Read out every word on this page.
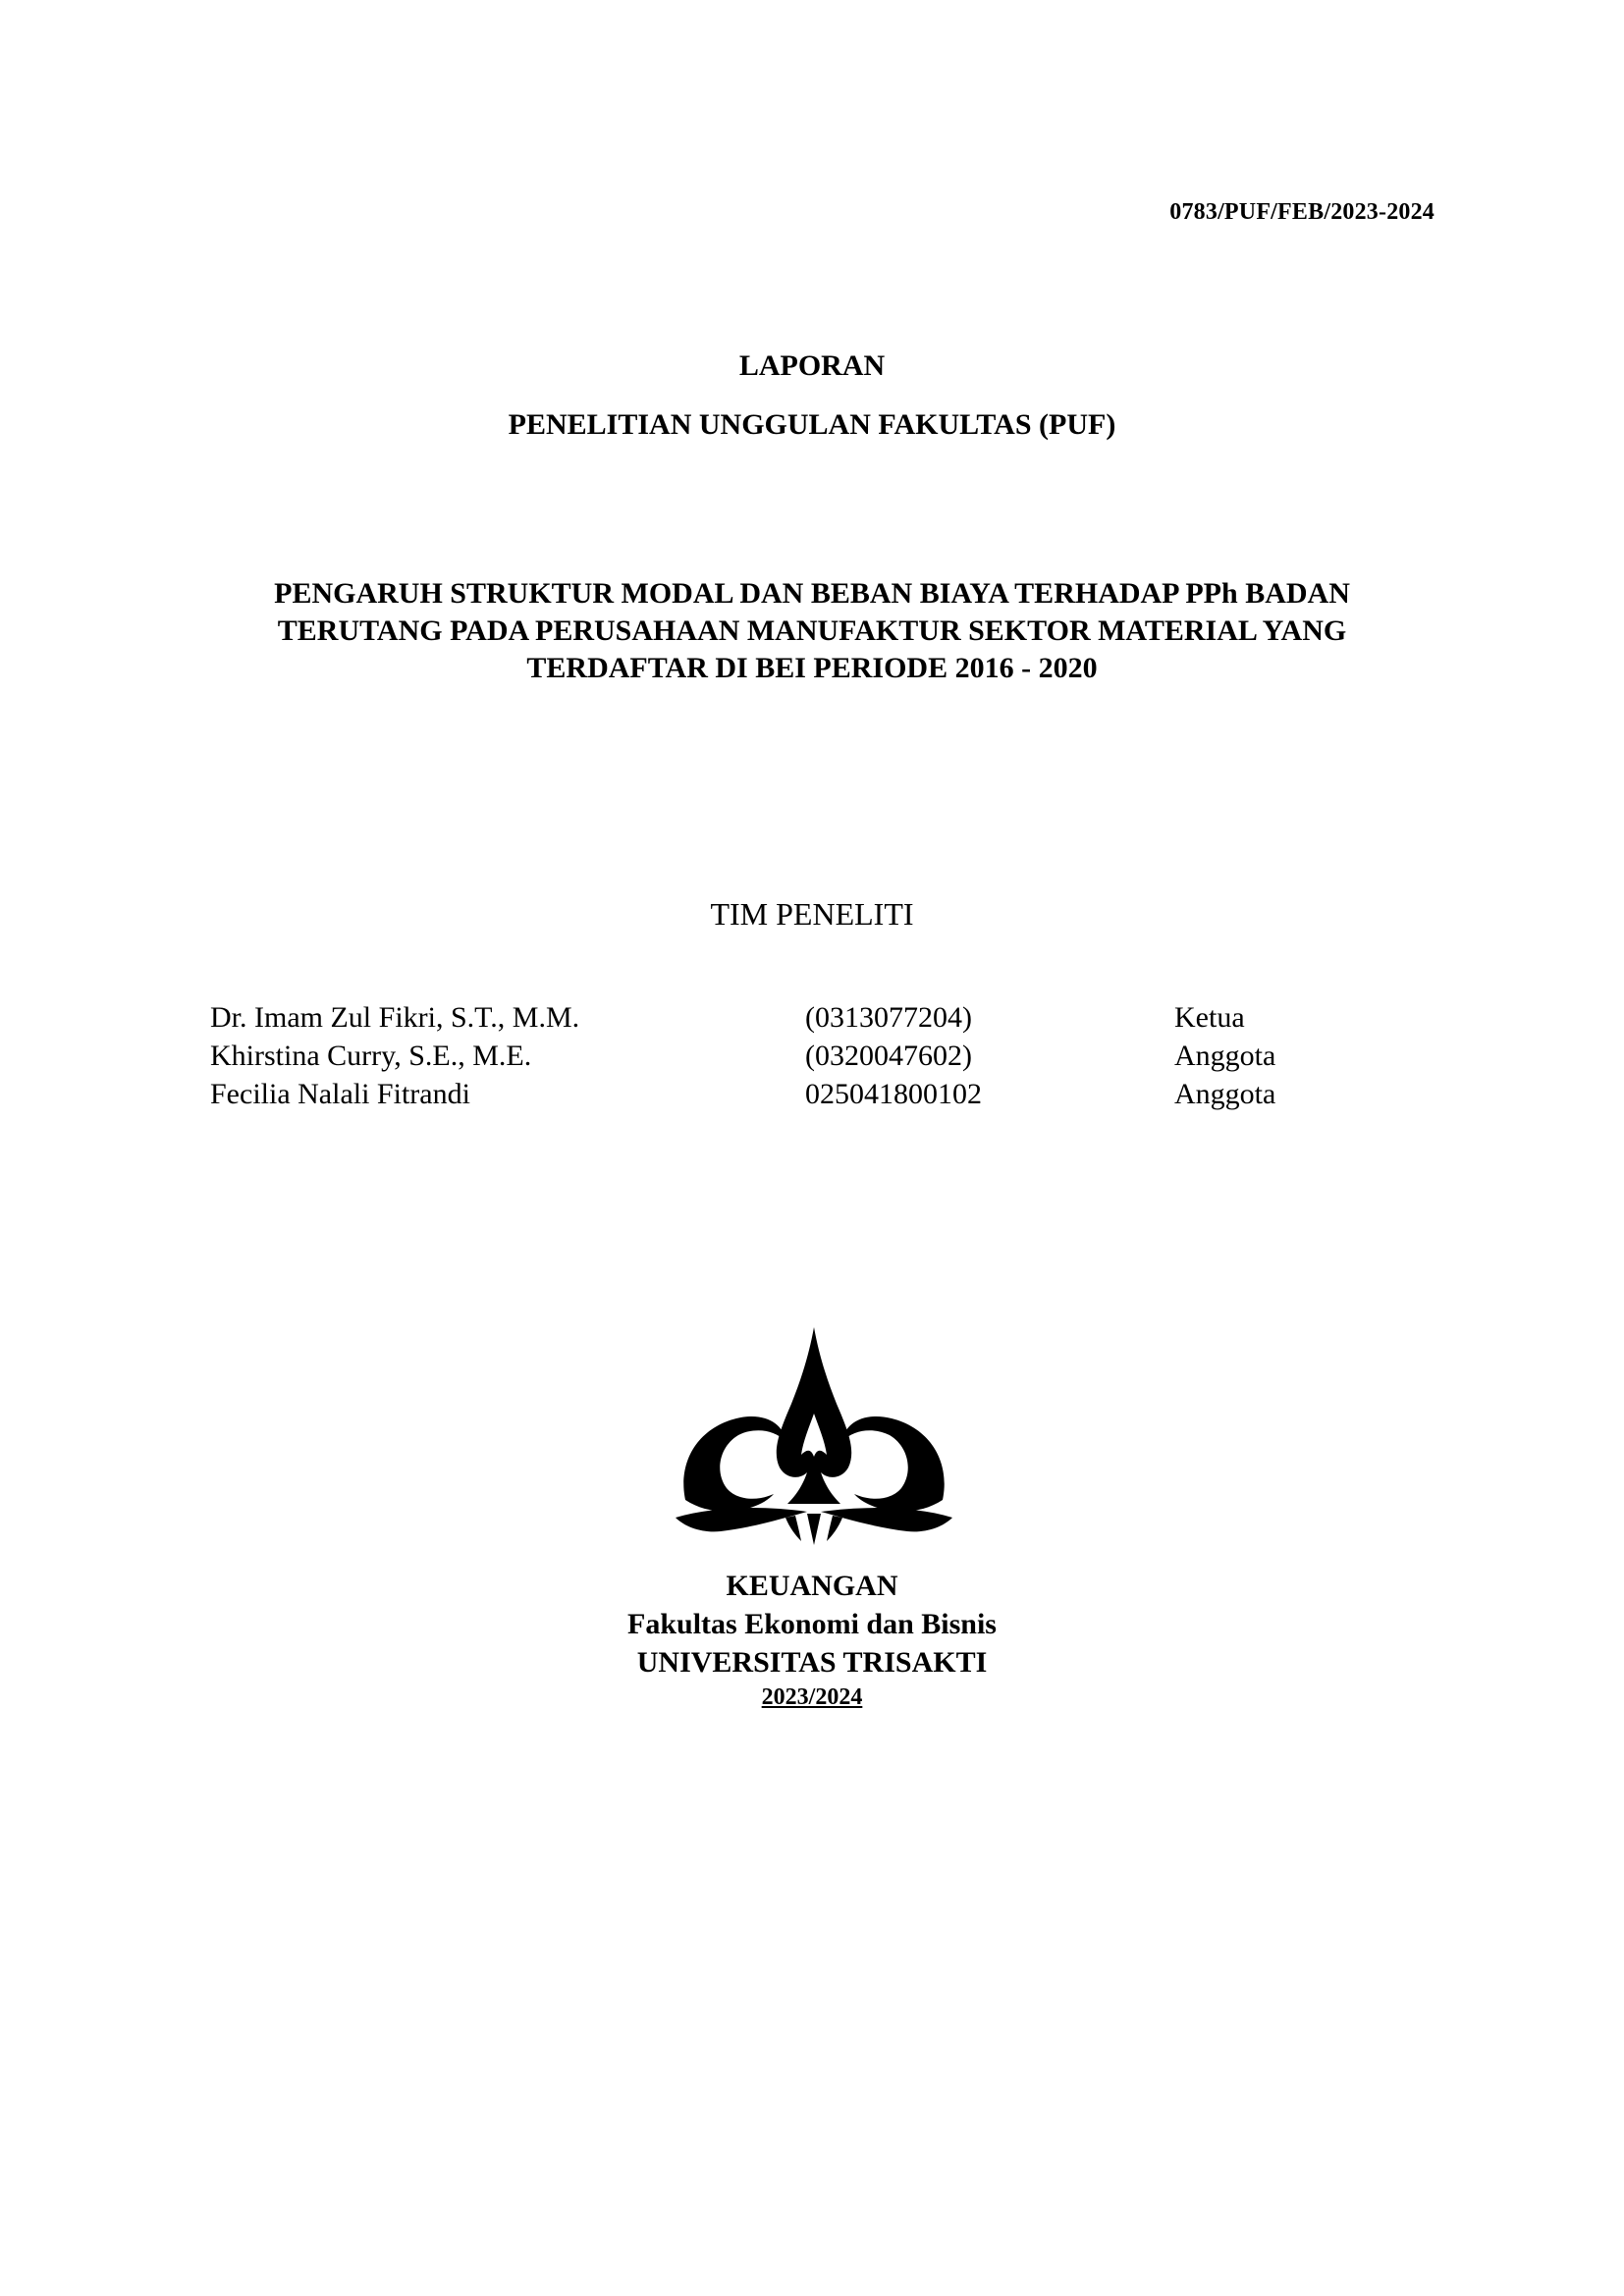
0783/PUF/FEB/2023-2024
LAPORAN
PENELITIAN UNGGULAN FAKULTAS (PUF)
PENGARUH STRUKTUR MODAL DAN BEBAN BIAYA TERHADAP PPh BADAN
TERUTANG PADA PERUSAHAAN MANUFAKTUR SEKTOR MATERIAL YANG
TERDAFTAR DI BEI PERIODE 2016 - 2020
TIM PENELITI
Dr. Imam Zul Fikri, S.T., M.M.	(0313077204)	Ketua
Khirstina Curry, S.E., M.E.	(0320047602)	Anggota
Fecilia Nalali Fitrandi	025041800102	Anggota
KEUANGAN
Fakultas Ekonomi dan Bisnis
UNIVERSITAS TRISAKTI
2023/2024
